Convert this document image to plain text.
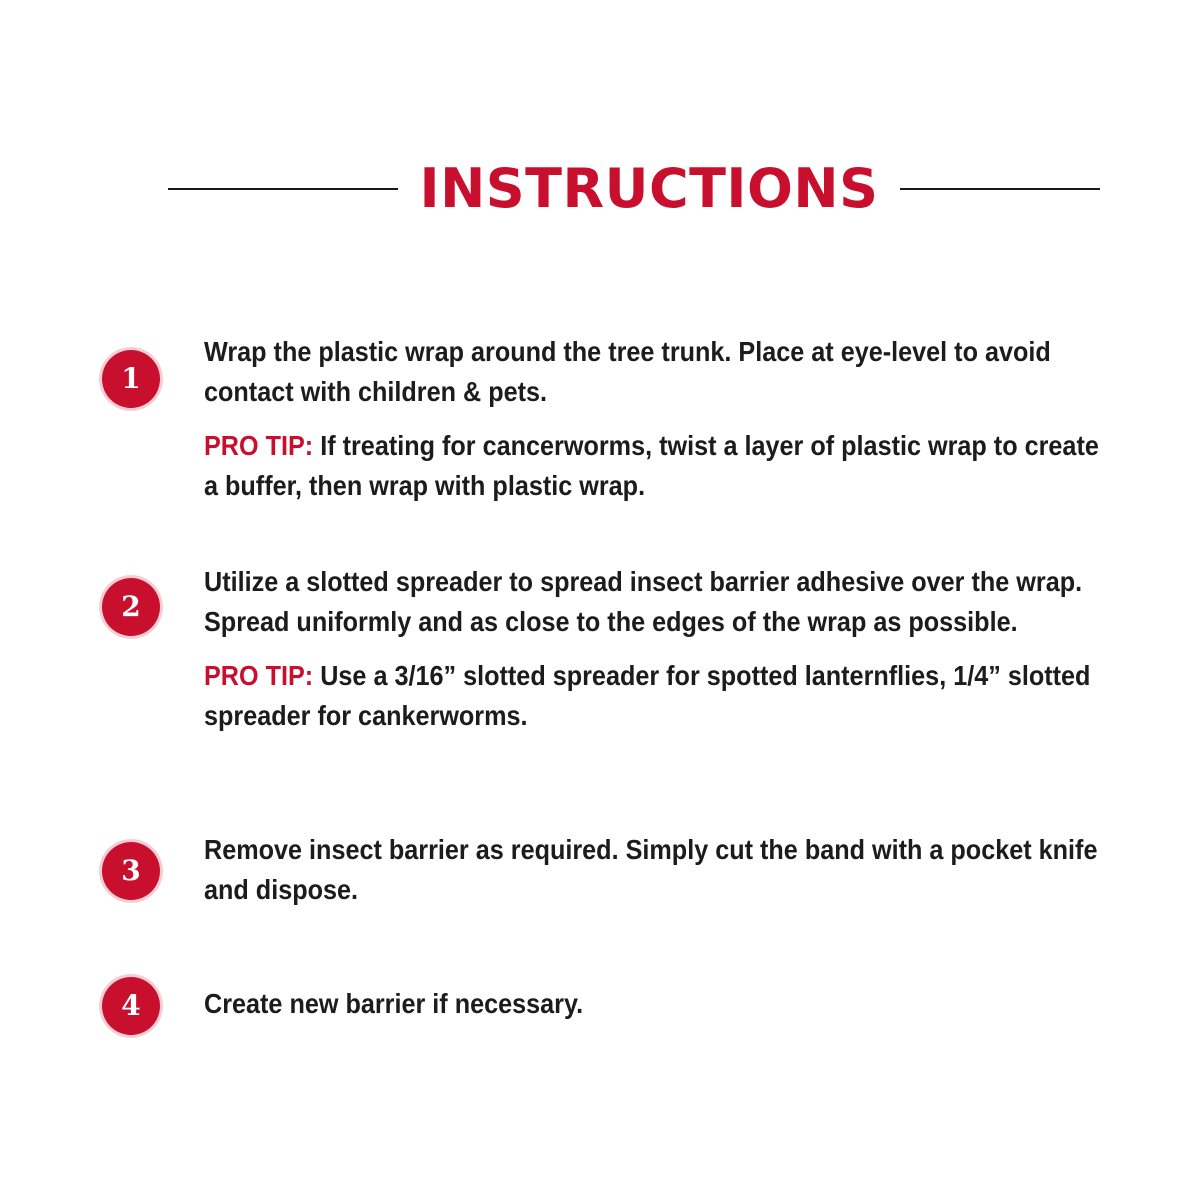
INSTRUCTIONS
1

Wrap the plastic wrap around the tree trunk. Place at eye-level to avoid contact with children & pets.

PRO TIP: If treating for cancerworms, twist a layer of plastic wrap to create a buffer, then wrap with plastic wrap.

2

Utilize a slotted spreader to spread insect barrier adhesive over the wrap. Spread uniformly and as close to the edges of the wrap as possible.

PRO TIP: Use a 3/16” slotted spreader for spotted lanternflies, 1/4” slotted spreader for cankerworms.

3

Remove insect barrier as required. Simply cut the band with a pocket knife and dispose.

4	Create new barrier if necessary.
